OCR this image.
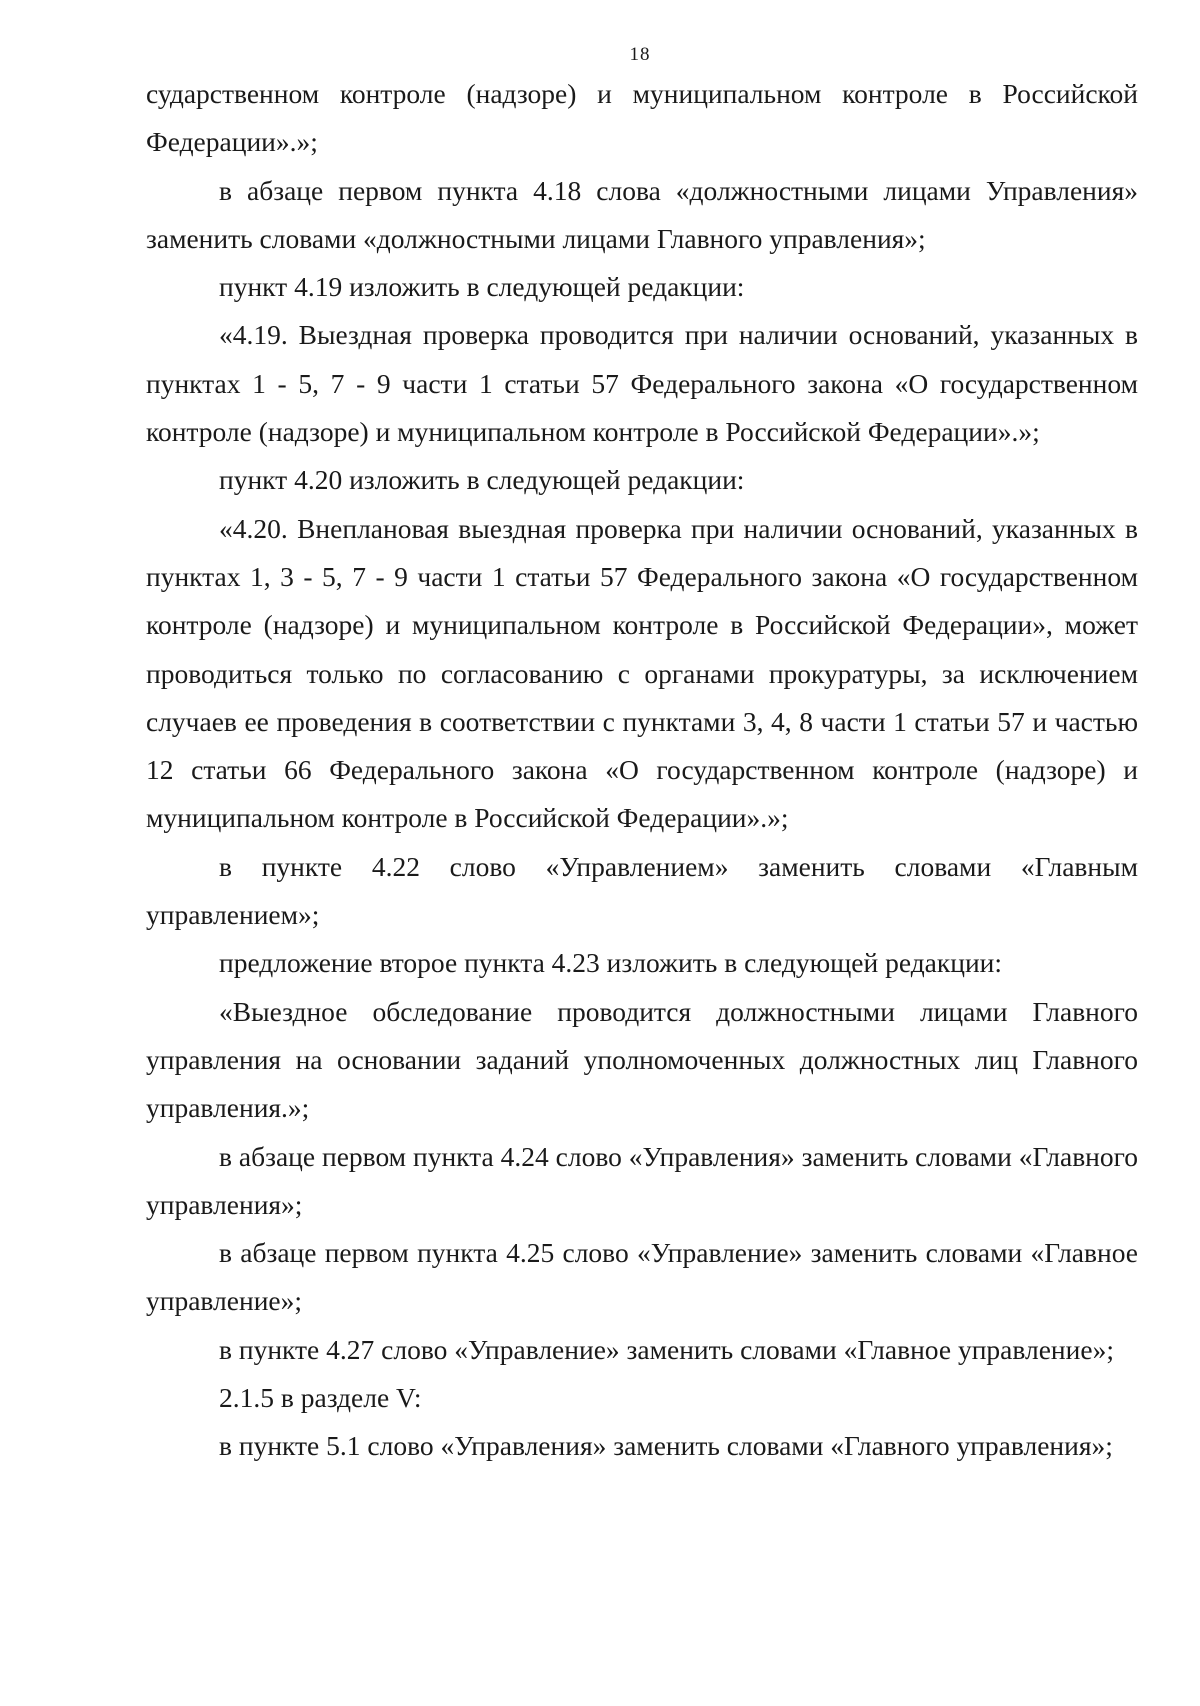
18

сударственном контроле (надзоре) и муниципальном контроле в Российской Федерации».»;

в абзаце первом пункта 4.18 слова «должностными лицами Управления» заменить словами «должностными лицами Главного управления»;

пункт 4.19 изложить в следующей редакции:

«4.19. Выездная проверка проводится при наличии оснований, указанных в пунктах 1 - 5, 7 - 9 части 1 статьи 57 Федерального закона «О государственном контроле (надзоре) и муниципальном контроле в Российской Федерации».»;

пункт 4.20 изложить в следующей редакции:

«4.20. Внеплановая выездная проверка при наличии оснований, указанных в пунктах 1, 3 - 5, 7 - 9 части 1 статьи 57 Федерального закона «О государственном контроле (надзоре) и муниципальном контроле в Российской Федерации», может проводиться только по согласованию с органами прокуратуры, за исключением случаев ее проведения в соответствии с пунктами 3, 4, 8 части 1 статьи 57 и частью 12 статьи 66 Федерального закона «О государственном контроле (надзоре) и муниципальном контроле в Российской Федерации».»;

в пункте 4.22 слово «Управлением» заменить словами «Главным управлением»;

предложение второе пункта 4.23 изложить в следующей редакции:

«Выездное обследование проводится должностными лицами Главного управления на основании заданий уполномоченных должностных лиц Главного управления.»;

в абзаце первом пункта 4.24 слово «Управления» заменить словами «Главного управления»;

в абзаце первом пункта 4.25 слово «Управление» заменить словами «Главное управление»;

в пункте 4.27 слово «Управление» заменить словами «Главное управление»;

2.1.5 в разделе V:

в пункте 5.1 слово «Управления» заменить словами «Главного управления»;
